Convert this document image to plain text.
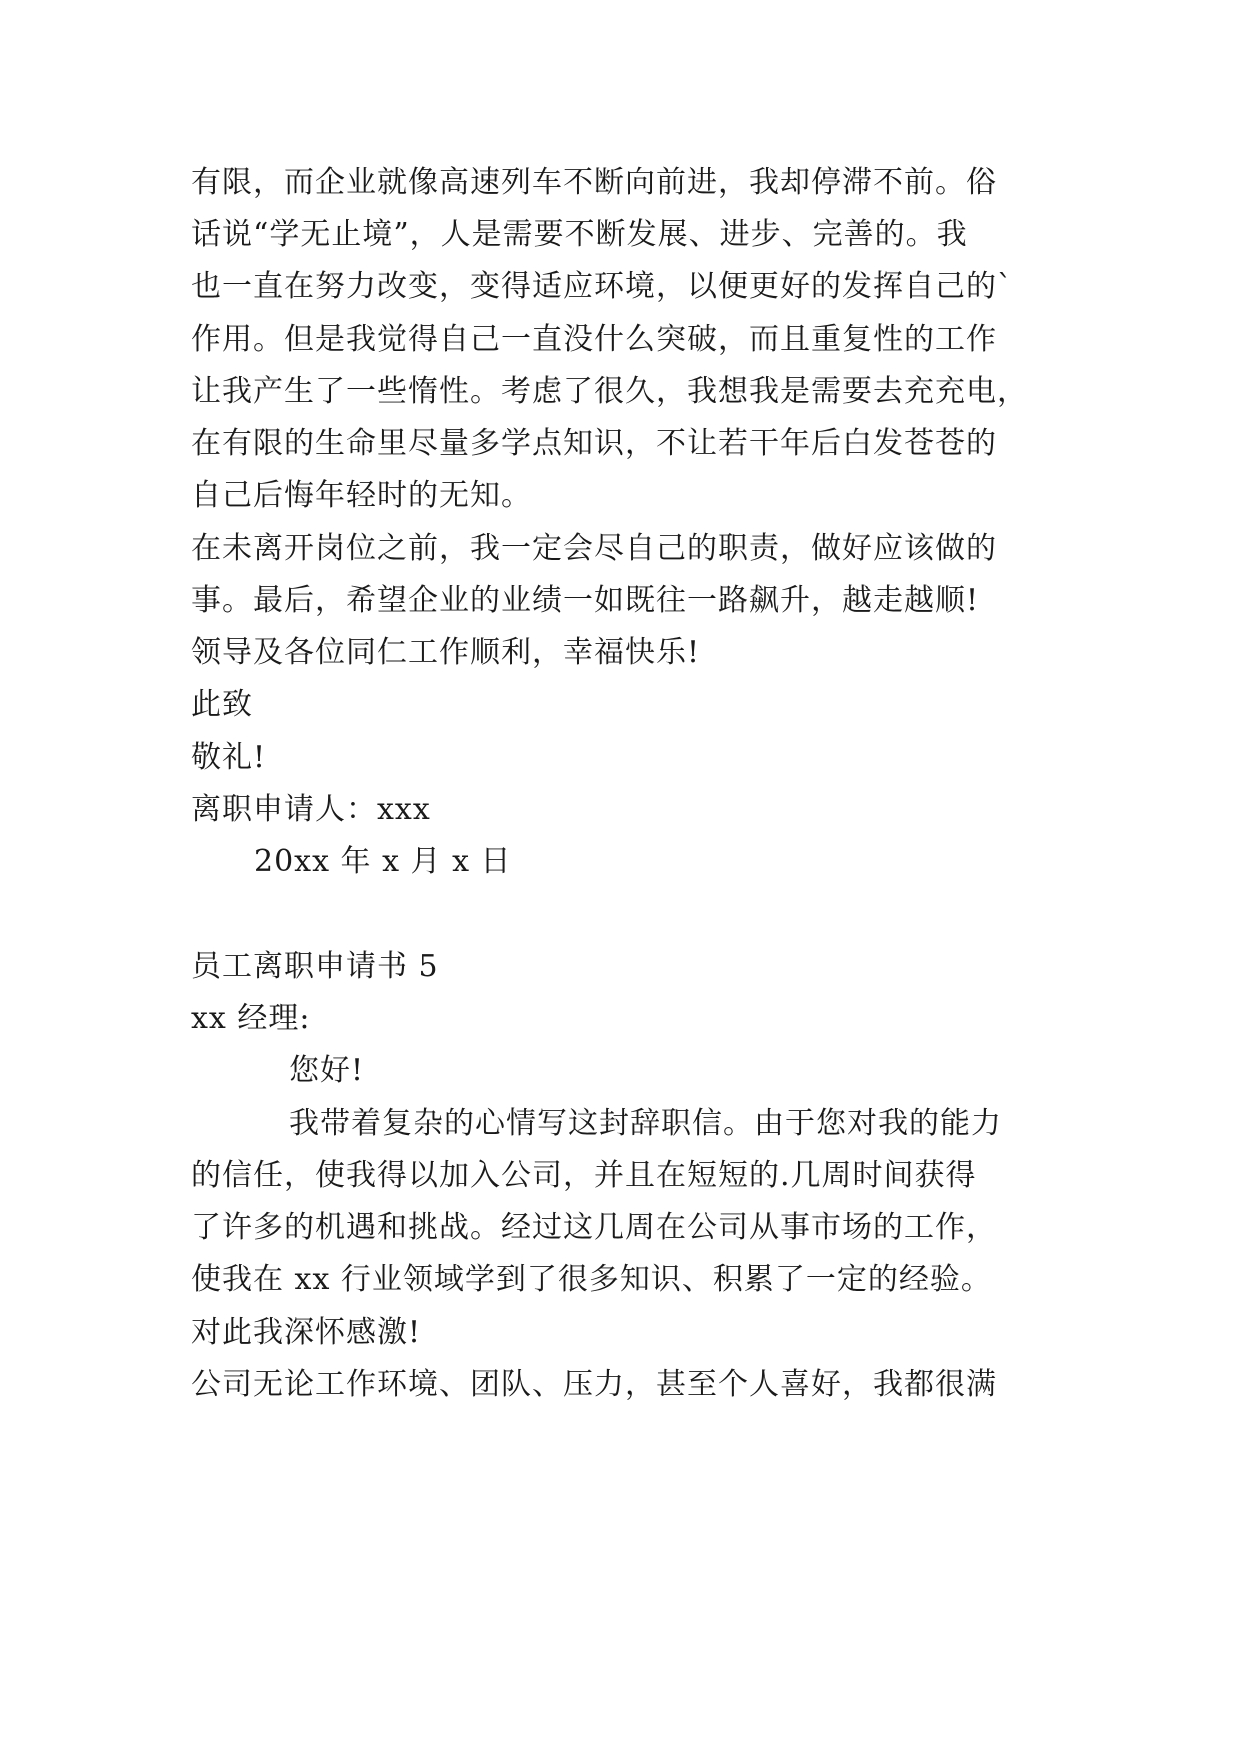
有限，而企业就像高速列车不断向前进，我却停滞不前。俗
话说“学无止境”，人是需要不断发展、进步、完善的。我
也一直在努力改变，变得适应环境，以便更好的发挥自己的`
作用。但是我觉得自己一直没什么突破，而且重复性的工作
让我产生了一些惰性。考虑了很久，我想我是需要去充充电，
在有限的生命里尽量多学点知识，不让若干年后白发苍苍的
自己后悔年轻时的无知。
在未离开岗位之前，我一定会尽自己的职责，做好应该做的
事。最后，希望企业的业绩一如既往一路飙升，越走越顺!
领导及各位同仁工作顺利，幸福快乐!
此致
敬礼!
离职申请人：xxx
20xx 年 x 月 x 日
员工离职申请书 5
xx 经理:
您好!
我带着复杂的心情写这封辞职信。由于您对我的能力
的信任，使我得以加入公司，并且在短短的.几周时间获得
了许多的机遇和挑战。经过这几周在公司从事市场的工作，
使我在 xx 行业领域学到了很多知识、积累了一定的经验。
对此我深怀感激!
公司无论工作环境、团队、压力，甚至个人喜好，我都很满
